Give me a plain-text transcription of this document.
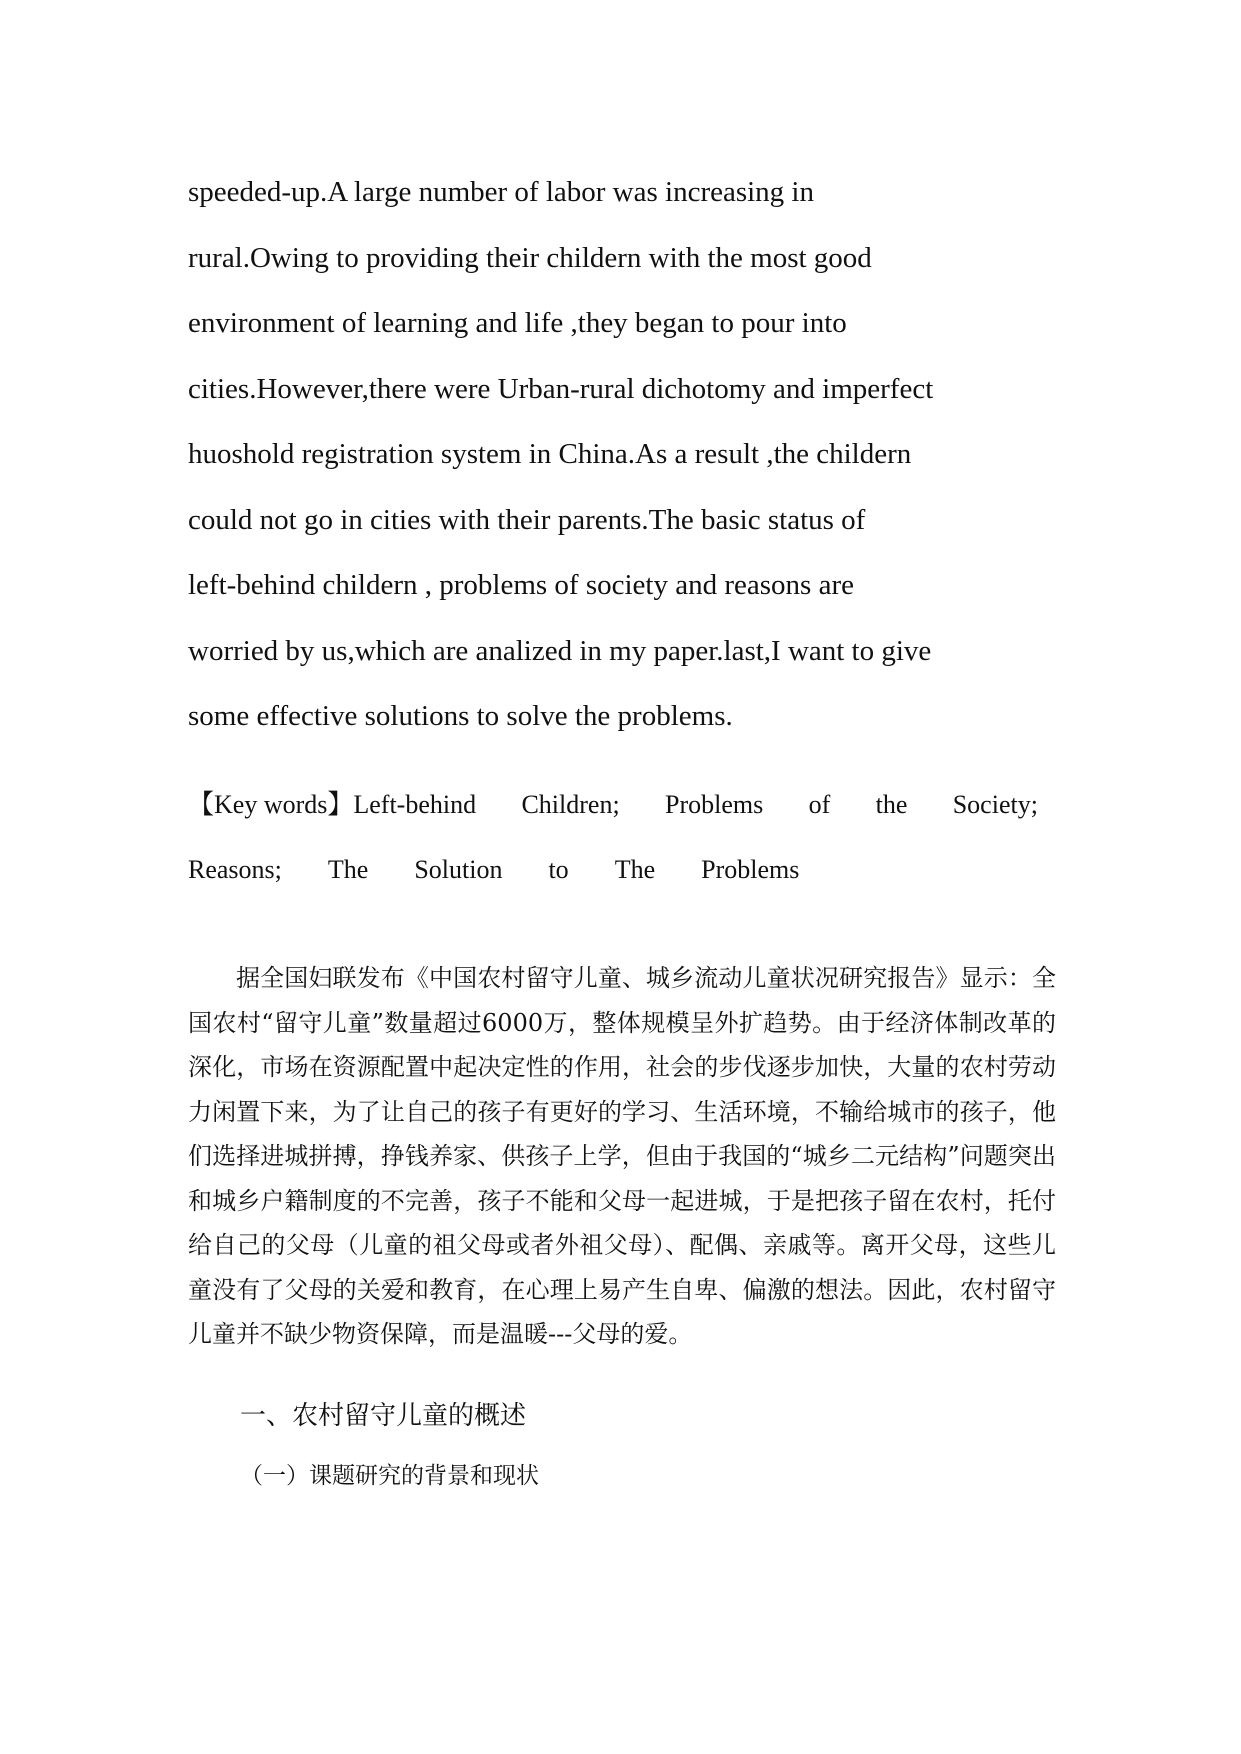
speeded-up.A large number of labor was increasing in
rural.Owing to providing their childern with the most good
environment of learning and life ,they began to pour into
cities.However,there were Urban-rural dichotomy and imperfect
huoshold registration system in China.As a result ,the childern
could not go in cities with their parents.The basic status of
left-behind childern , problems of society and reasons are
worried by us,which are analized in my paper.last,I want to give
some effective solutions to solve the problems.

【Key words】Left-behind Children; Problems of the Society;
Reasons; The Solution to The Problems

据全国妇联发布《中国农村留守儿童、城乡流动儿童状况研究报告》显示：全国农村“留守儿童”数量超过6000万，整体规模呈外扩趋势。由于经济体制改革的深化，市场在资源配置中起决定性的作用，社会的步伐逐步加快，大量的农村劳动力闲置下来，为了让自己的孩子有更好的学习、生活环境，不输给城市的孩子，他们选择进城拼搏，挣钱养家、供孩子上学，但由于我国的“城乡二元结构”问题突出和城乡户籍制度的不完善，孩子不能和父母一起进城，于是把孩子留在农村，托付给自己的父母（儿童的祖父母或者外祖父母）、配偶、亲戚等。离开父母，这些儿童没有了父母的关爱和教育，在心理上易产生自卑、偏激的想法。因此，农村留守儿童并不缺少物资保障，而是温暖---父母的爱。

一、农村留守儿童的概述
（一）课题研究的背景和现状
